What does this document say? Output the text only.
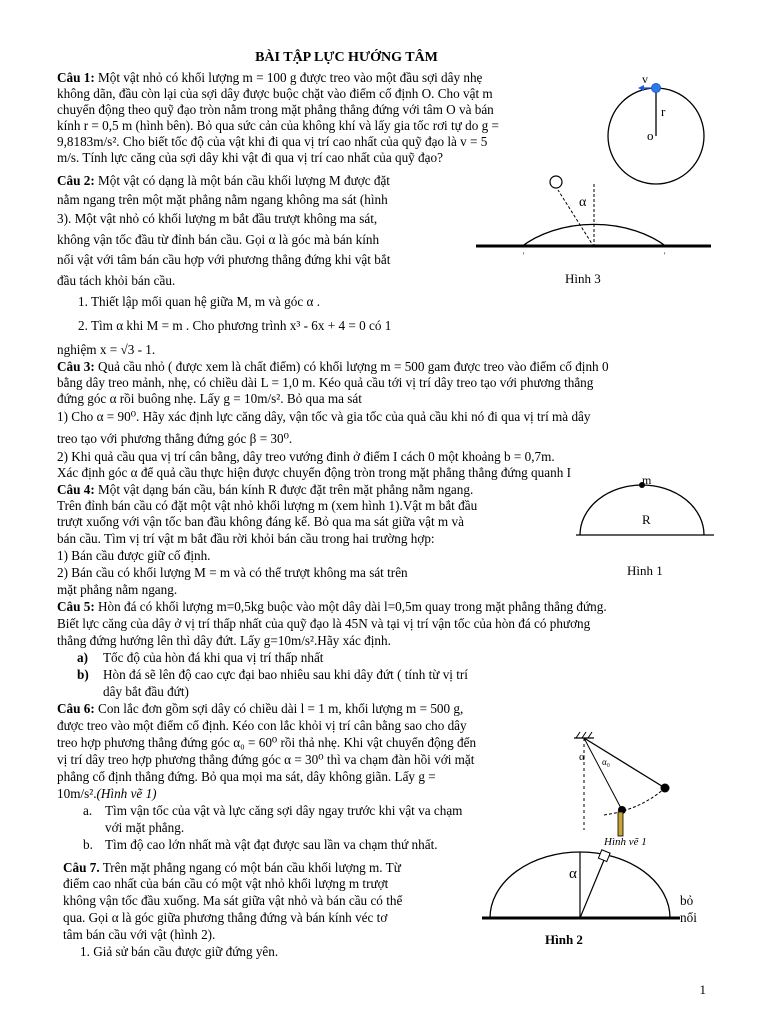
BÀI TẬP LỰC HƯỚNG TÂM
Câu 1: Một vật nhỏ có khối lượng m = 100 g được treo vào một đầu sợi dây nhẹ
không dãn, đầu còn lại của sợi dây được buộc chặt vào điểm cố định O. Cho vật m
chuyển động theo quỹ đạo tròn nằm trong mặt phẳng thẳng đứng với tâm O và bán
kính r = 0,5 m (hình bên). Bỏ qua sức cản của không khí và lấy gia tốc rơi tự do g =
9,8183m/s². Cho biết tốc độ của vật khi đi qua vị trí cao nhất của quỹ đạo là v = 5
m/s. Tính lực căng của sợi dây khi vật đi qua vị trí cao nhất của quỹ đạo?
v
r
o
Câu 2: Một vật có dạng là một bán cầu khối lượng M được đặt
nằm ngang trên một mặt phẳng nằm ngang không ma sát (hình
3). Một vật nhỏ có khối lượng m bắt đầu trượt không ma sát,
không vận tốc đầu từ đỉnh bán cầu. Gọi α là góc mà bán kính
nối vật với tâm bán cầu hợp với phương thẳng đứng khi vật bắt
đầu tách khỏi bán cầu.
1. Thiết lập mối quan hệ giữa M, m và góc α .
2. Tìm α khi M = m . Cho phương trình x³ - 6x + 4 = 0 có 1
nghiệm x = √3 - 1.
α
'	'
Hình 3
Câu 3: Quả cầu nhỏ ( được xem là chất điểm) có khối lượng m = 500 gam được treo vào điểm cố định 0
bằng dây treo mảnh, nhẹ, có chiều dài L = 1,0 m. Kéo quả cầu tới vị trí dây treo tạo với phương thẳng
đứng góc α rồi buông nhẹ. Lấy g = 10m/s². Bỏ qua ma sát
1) Cho α = 90⁰. Hãy xác định lực căng dây, vận tốc và gia tốc của quả cầu khi nó đi qua vị trí mà dây
treo tạo với phương thẳng đứng góc β = 30⁰.
2) Khi quả cầu qua vị trí cân bằng, dây treo vướng đinh ở điểm I cách 0 một khoảng b = 0,7m.
Xác định góc α để quả cầu thực hiện được chuyển động tròn trong mặt phẳng thẳng đứng quanh I
Câu 4: Một vật dạng bán cầu, bán kính R được đặt trên mặt phẳng nằm ngang.
Trên đỉnh bán cầu có đặt một vật nhỏ khối lượng m (xem hình 1).Vật m bắt đầu
trượt xuống với vận tốc ban đầu không đáng kể. Bỏ qua ma sát giữa vật m và
bán cầu. Tìm vị trí vật m bắt đầu rời khỏi bán cầu trong hai trường hợp:
1) Bán cầu được giữ cố định.
2) Bán cầu có khối lượng M = m và có thể trượt không ma sát trên
mặt phẳng nằm ngang.
m
R
Hình 1
Câu 5: Hòn đá có khối lượng m=0,5kg buộc vào một dây dài l=0,5m quay trong mặt phẳng thẳng đứng.
Biết lực căng của dây ở vị trí thấp nhất của quỹ đạo là 45N và tại vị trí vận tốc của hòn đá có phương
thẳng đứng hướng lên thì dây đứt. Lấy g=10m/s².Hãy xác định.
a) Tốc độ của hòn đá khi qua vị trí thấp nhất
b) Hòn đá sẽ lên độ cao cực đại bao nhiêu sau khi dây đứt ( tính từ vị trí
dây bắt đầu đứt)
Câu 6: Con lắc đơn gồm sợi dây có chiều dài l = 1 m, khối lượng m = 500 g,
được treo vào một điểm cố định. Kéo con lắc khỏi vị trí cân bằng sao cho dây
treo hợp phương thẳng đứng góc α₀ = 60⁰ rồi thả nhẹ. Khi vật chuyển động đến
vị trí dây treo hợp phương thẳng đứng góc α = 30⁰ thì va chạm đàn hồi với mặt
phẳng cố định thẳng đứng. Bỏ qua mọi ma sát, dây không giãn. Lấy g =
10m/s².(Hình vẽ 1)
a. Tìm vận tốc của vật và lực căng sợi dây ngay trước khi vật va chạm
với mặt phẳng.
b. Tìm độ cao lớn nhất mà vật đạt được sau lần va chạm thứ nhất.
α α₀
Hình vẽ 1
Câu 7. Trên mặt phẳng ngang có một bán cầu khối lượng m. Từ
điểm cao nhất của bán cầu có một vật nhỏ khối lượng m trượt
không vận tốc đầu xuống. Ma sát giữa vật nhỏ và bán cầu có thể
qua. Gọi α là góc giữa phương thẳng đứng và bán kính véc tơ
tâm bán cầu với vật (hình 2).
1. Giả sử bán cầu được giữ đứng yên.
bỏ
nối
α
Hình 2
1
